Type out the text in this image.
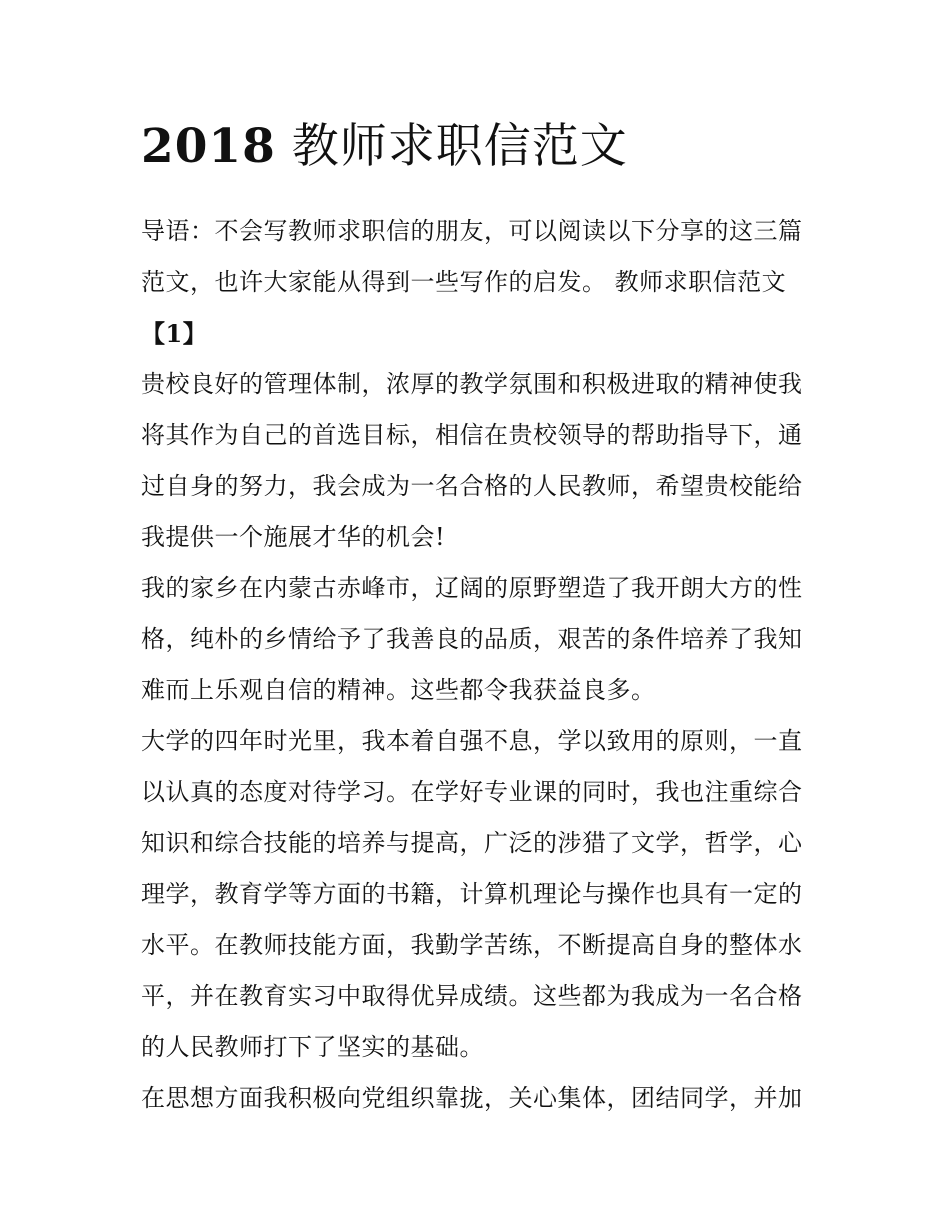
2018 教师求职信范文

导语：不会写教师求职信的朋友，可以阅读以下分享的这三篇
范文，也许大家能从得到一些写作的启发。 教师求职信范文
【1】

贵校良好的管理体制，浓厚的教学氛围和积极进取的精神使我
将其作为自己的首选目标，相信在贵校领导的帮助指导下，通
过自身的努力，我会成为一名合格的人民教师，希望贵校能给
我提供一个施展才华的机会!

我的家乡在内蒙古赤峰市，辽阔的原野塑造了我开朗大方的性
格，纯朴的乡情给予了我善良的品质，艰苦的条件培养了我知
难而上乐观自信的精神。这些都令我获益良多。

大学的四年时光里，我本着自强不息，学以致用的原则，一直
以认真的态度对待学习。在学好专业课的同时，我也注重综合
知识和综合技能的培养与提高，广泛的涉猎了文学，哲学，心
理学，教育学等方面的书籍，计算机理论与操作也具有一定的
水平。在教师技能方面，我勤学苦练，不断提高自身的整体水
平，并在教育实习中取得优异成绩。这些都为我成为一名合格
的人民教师打下了坚实的基础。

在思想方面我积极向党组织靠拢，关心集体，团结同学，并加
